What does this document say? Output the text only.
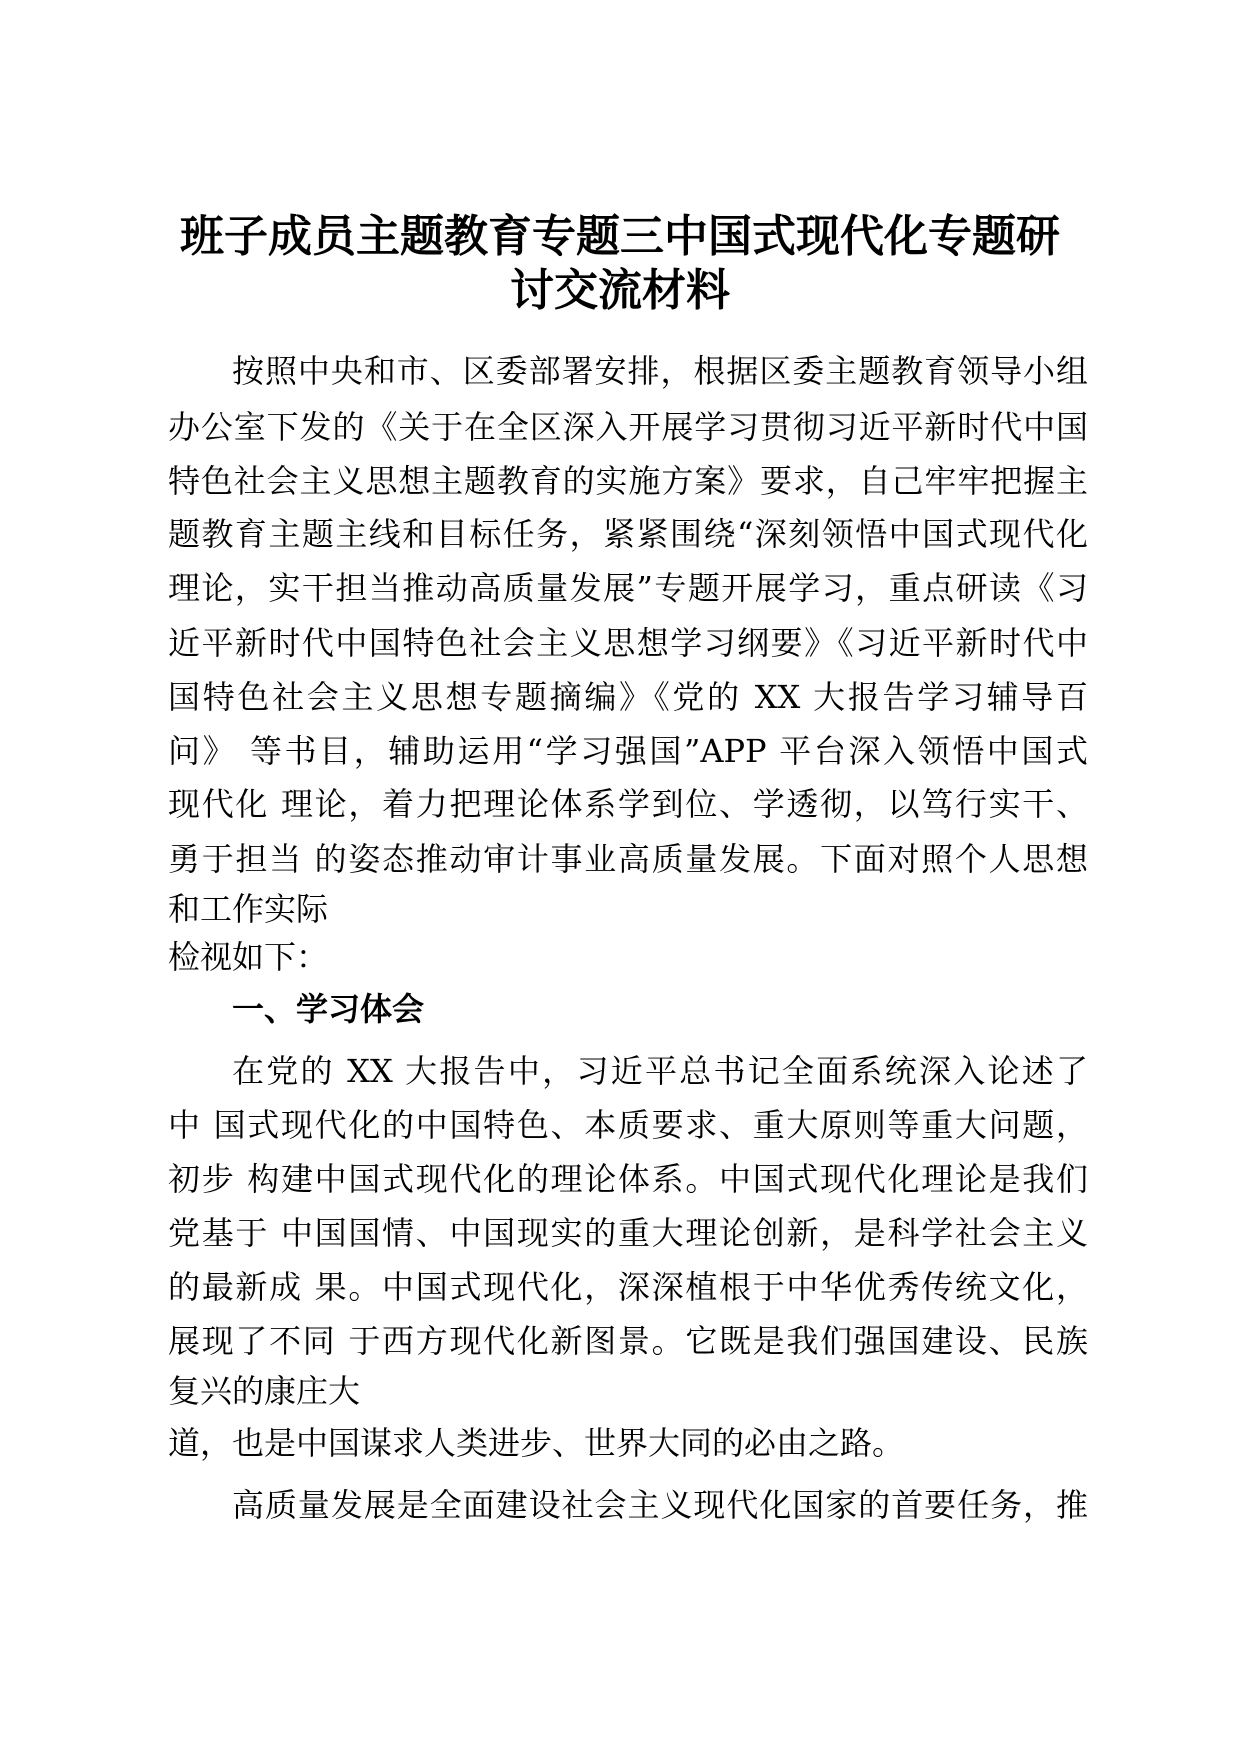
班子成员主题教育专题三中国式现代化专题研
讨交流材料
按照中央和市、区委部署安排，根据区委主题教育领导小组
办公室下发的《关于在全区深入开展学习贯彻习近平新时代中国
特色社会主义思想主题教育的实施方案》要求，自己牢牢把握主
题教育主题主线和目标任务，紧紧围绕“深刻领悟中国式现代化
理论，实干担当推动高质量发展”专题开展学习，重点研读《习
近平新时代中国特色社会主义思想学习纲要》《习近平新时代中
国特色社会主义思想专题摘编》《党的 XX 大报告学习辅导百
问》 等书目，辅助运用“学习强国”APP 平台深入领悟中国式
现代化 理论，着力把理论体系学到位、学透彻，以笃行实干、
勇于担当 的姿态推动审计事业高质量发展。下面对照个人思想
和工作实际
检视如下：
一、学习体会
在党的 XX 大报告中，习近平总书记全面系统深入论述了
中 国式现代化的中国特色、本质要求、重大原则等重大问题，
初步 构建中国式现代化的理论体系。中国式现代化理论是我们
党基于 中国国情、中国现实的重大理论创新，是科学社会主义
的最新成 果。中国式现代化，深深植根于中华优秀传统文化，
展现了不同 于西方现代化新图景。它既是我们强国建设、民族
复兴的康庄大
道，也是中国谋求人类进步、世界大同的必由之路。
高质量发展是全面建设社会主义现代化国家的首要任务，推
